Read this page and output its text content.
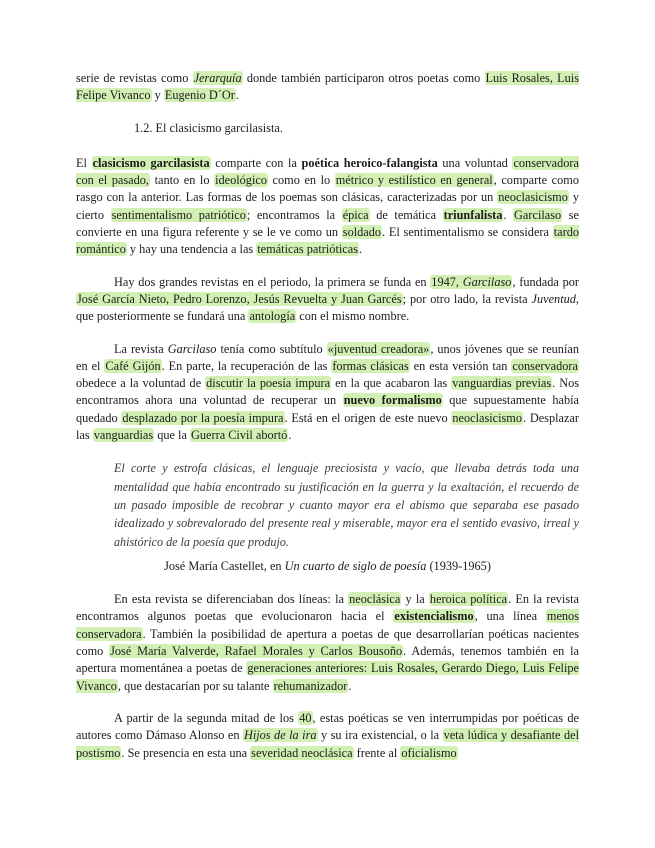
serie de revistas como Jerarquía donde también participaron otros poetas como Luis Rosales, Luis Felipe Vivanco y Eugenio D´Or.

1.2. El clasicismo garcilasista.

El clasicismo garcilasista comparte con la poética heroico-falangista una voluntad conservadora con el pasado, tanto en lo ideológico como en lo métrico y estilístico en general, comparte como rasgo con la anterior. Las formas de los poemas son clásicas, caracterizadas por un neoclasicismo y cierto sentimentalismo patriótico; encontramos la épica de temática triunfalista. Garcilaso se convierte en una figura referente y se le ve como un soldado. El sentimentalismo se considera tardo romántico y hay una tendencia a las temáticas patrióticas.

Hay dos grandes revistas en el periodo, la primera se funda en 1947, Garcilaso, fundada por José García Nieto, Pedro Lorenzo, Jesús Revuelta y Juan Garcés; por otro lado, la revista Juventud, que posteriormente se fundará una antología con el mismo nombre.

La revista Garcilaso tenía como subtítulo «juventud creadora», unos jóvenes que se reunían en el Café Gijón. En parte, la recuperación de las formas clásicas en esta versión tan conservadora obedece a la voluntad de discutir la poesía impura en la que acabaron las vanguardias previas. Nos encontramos ahora una voluntad de recuperar un nuevo formalismo que supuestamente había quedado desplazado por la poesía impura. Está en el origen de este nuevo neoclasicismo. Desplazar las vanguardias que la Guerra Civil abortó.

El corte y estrofa clásicas, el lenguaje preciosista y vacío, que llevaba detrás toda una mentalidad que había encontrado su justificación en la guerra y la exaltación, el recuerdo de un pasado imposible de recobrar y cuanto mayor era el abismo que separaba ese pasado idealizado y sobrevalorado del presente real y miserable, mayor era el sentido evasivo, irreal y ahistórico de la poesía que produjo.

José María Castellet, en Un cuarto de siglo de poesía (1939-1965)

En esta revista se diferenciaban dos líneas: la neoclásica y la heroica política. En la revista encontramos algunos poetas que evolucionaron hacia el existencialismo, una línea menos conservadora. También la posibilidad de apertura a poetas de que desarrollarían poéticas nacientes como José María Valverde, Rafael Morales y Carlos Bousoño. Además, tenemos también en la apertura momentánea a poetas de generaciones anteriores: Luis Rosales, Gerardo Diego, Luis Felipe Vivanco, que destacarían por su talante rehumanizador.

A partir de la segunda mitad de los 40, estas poéticas se ven interrumpidas por poéticas de autores como Dámaso Alonso en Hijos de la ira y su ira existencial, o la veta lúdica y desafiante del postismo. Se presencia en esta una severidad neoclásica frente al oficialismo
